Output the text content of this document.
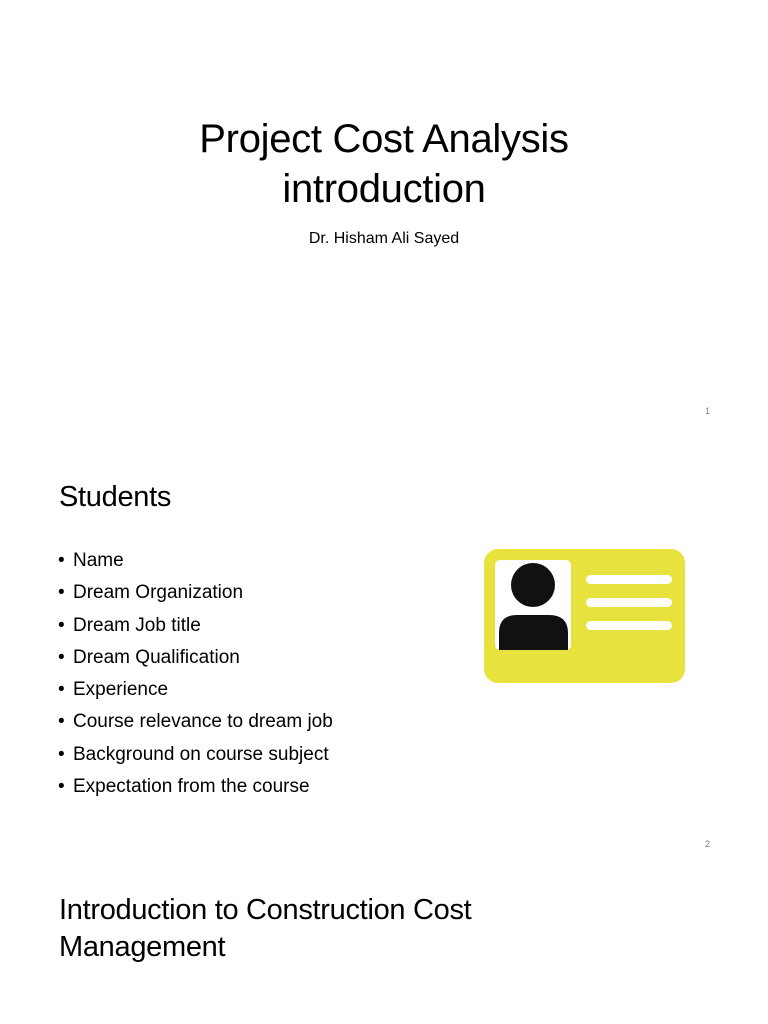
Project Cost Analysis
introduction
Dr. Hisham Ali Sayed
1
Students
• Name
• Dream Organization
• Dream Job title
• Dream Qualification
• Experience
• Course relevance to dream job
• Background on course subject
• Expectation from the course
2
Introduction to Construction Cost
Management
